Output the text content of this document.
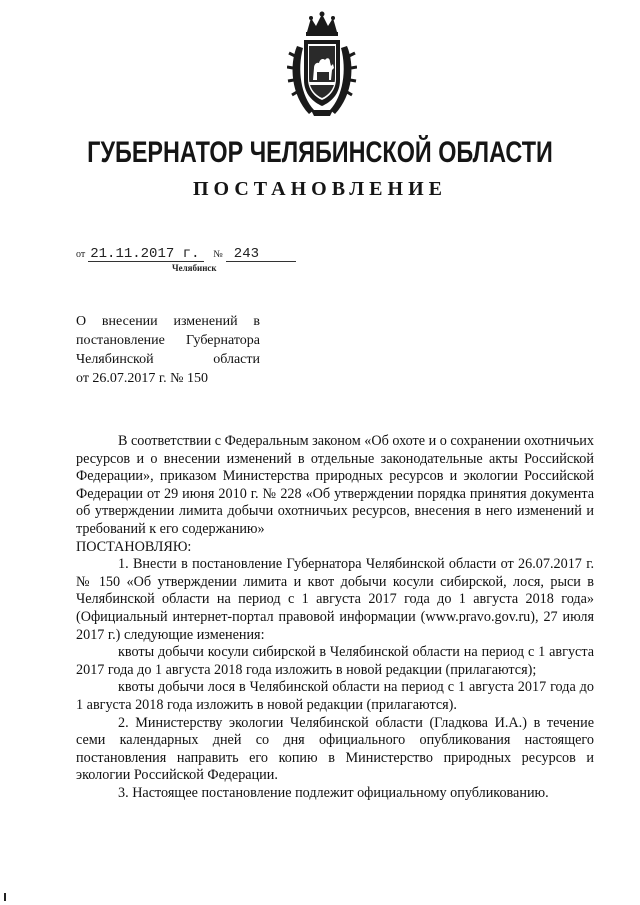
ГУБЕРНАТОР ЧЕЛЯБИНСКОЙ ОБЛАСТИ
ПОСТАНОВЛЕНИЕ
от 21.11.2017 г. № 243
Челябинск
О внесении изменений в
постановление Губернатора
Челябинской области
от 26.07.2017 г. № 150
В соответствии с Федеральным законом «Об охоте и о сохранении охотничьих ресурсов и о внесении изменений в отдельные законодательные акты Российской Федерации», приказом Министерства природных ресурсов и экологии Российской Федерации от 29 июня 2010 г. № 228 «Об утверждении порядка принятия документа об утверждении лимита добычи охотничьих ресурсов, внесения в него изменений и требований к его содержанию»
ПОСТАНОВЛЯЮ:
1. Внести в постановление Губернатора Челябинской области от 26.07.2017 г. № 150 «Об утверждении лимита и квот добычи косули сибирской, лося, рыси в Челябинской области на период с 1 августа 2017 года до 1 августа 2018 года» (Официальный интернет-портал правовой информации (www.pravo.gov.ru), 27 июля 2017 г.) следующие изменения:
квоты добычи косули сибирской в Челябинской области на период с 1 августа 2017 года до 1 августа 2018 года изложить в новой редакции (прилагаются);
квоты добычи лося в Челябинской области на период с 1 августа 2017 года до 1 августа 2018 года изложить в новой редакции (прилагаются).
2. Министерству экологии Челябинской области (Гладкова И.А.) в течение семи календарных дней со дня официального опубликования настоящего постановления направить его копию в Министерство природных ресурсов и экологии Российской Федерации.
3. Настоящее постановление подлежит официальному опубликованию.
